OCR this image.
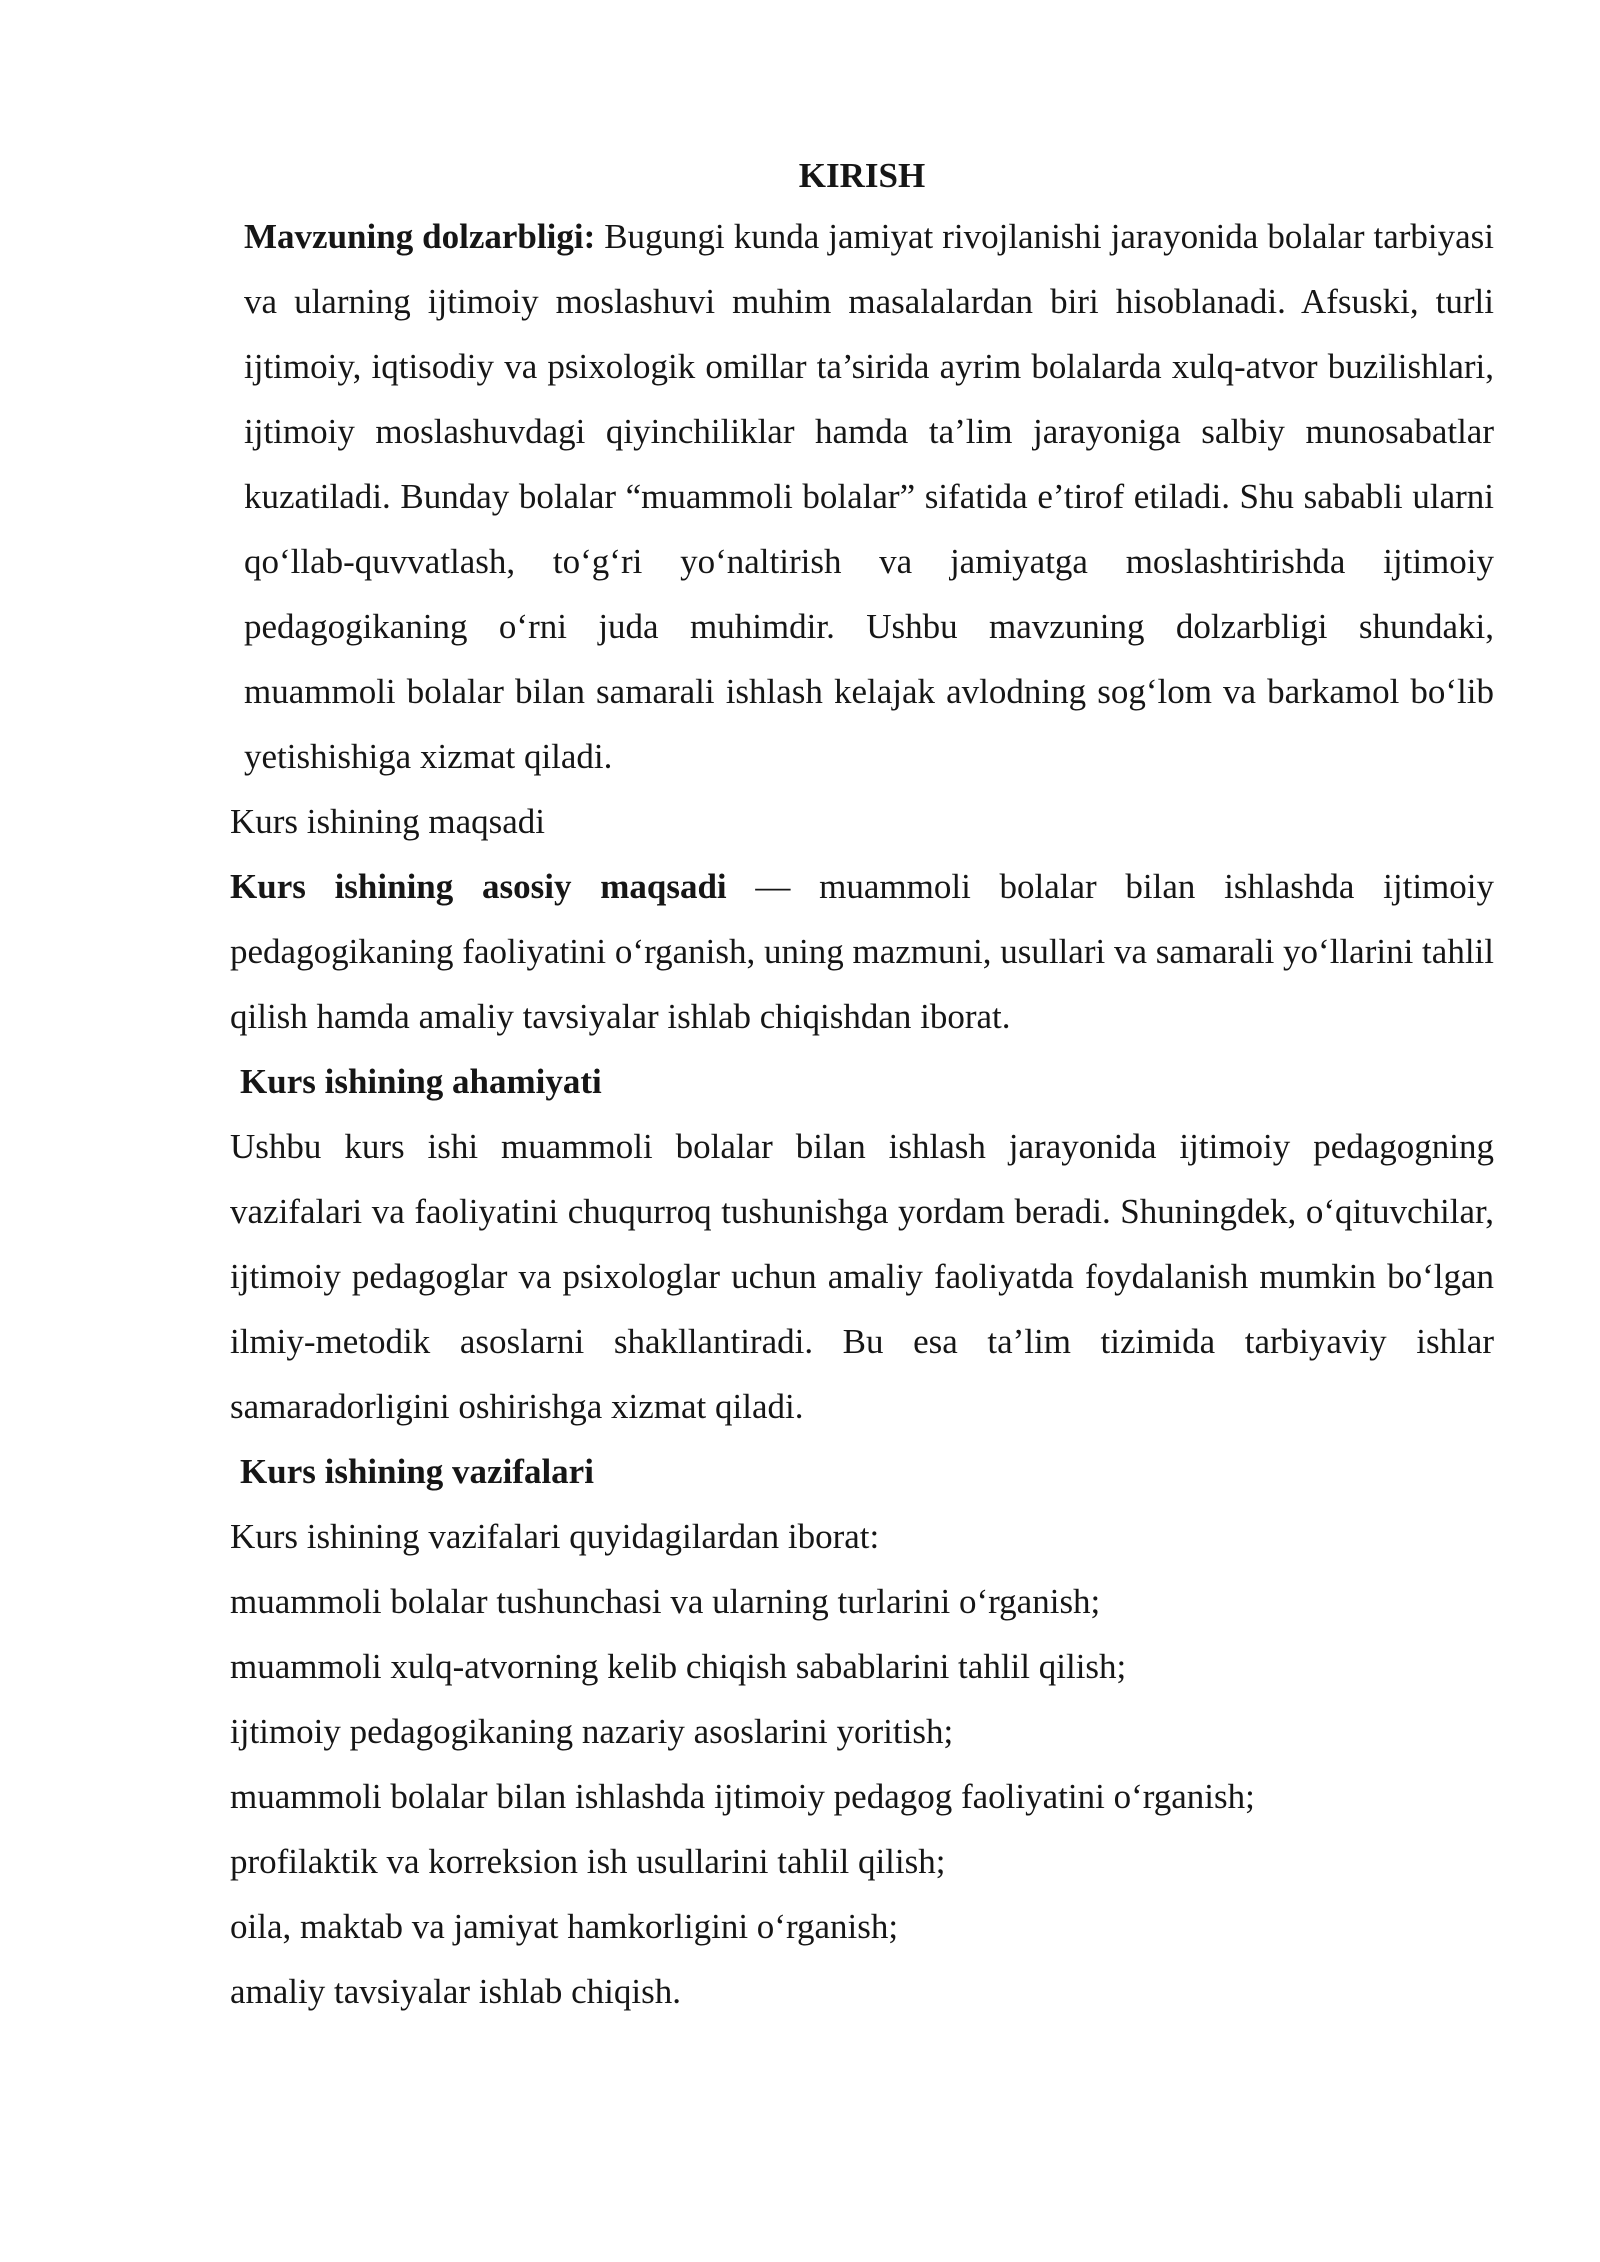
KIRISH

Mavzuning dolzarbligi: Bugungi kunda jamiyat rivojlanishi jarayonida bolalar tarbiyasi va ularning ijtimoiy moslashuvi muhim masalalardan biri hisoblanadi. Afsuski, turli ijtimoiy, iqtisodiy va psixologik omillar ta’sirida ayrim bolalarda xulq-atvor buzilishlari, ijtimoiy moslashuvdagi qiyinchiliklar hamda ta’lim jarayoniga salbiy munosabatlar kuzatiladi. Bunday bolalar “muammoli bolalar” sifatida e’tirof etiladi. Shu sababli ularni qo‘llab-quvvatlash, to‘g‘ri yo‘naltirish va jamiyatga moslashtirishda ijtimoiy pedagogikaning o‘rni juda muhimdir. Ushbu mavzuning dolzarbligi shundaki, muammoli bolalar bilan samarali ishlash kelajak avlodning sog‘lom va barkamol bo‘lib yetishishiga xizmat qiladi.

Kurs ishining maqsadi

Kurs ishining asosiy maqsadi — muammoli bolalar bilan ishlashda ijtimoiy pedagogikaning faoliyatini o‘rganish, uning mazmuni, usullari va samarali yo‘llarini tahlil qilish hamda amaliy tavsiyalar ishlab chiqishdan iborat.

Kurs ishining ahamiyati

Ushbu kurs ishi muammoli bolalar bilan ishlash jarayonida ijtimoiy pedagogning vazifalari va faoliyatini chuqurroq tushunishga yordam beradi. Shuningdek, o‘qituvchilar, ijtimoiy pedagoglar va psixologlar uchun amaliy faoliyatda foydalanish mumkin bo‘lgan ilmiy-metodik asoslarni shakllantiradi. Bu esa ta’lim tizimida tarbiyaviy ishlar samaradorligini oshirishga xizmat qiladi.

Kurs ishining vazifalari

Kurs ishining vazifalari quyidagilardan iborat:

muammoli bolalar tushunchasi va ularning turlarini o‘rganish;
muammoli xulq-atvorning kelib chiqish sabablarini tahlil qilish;
ijtimoiy pedagogikaning nazariy asoslarini yoritish;
muammoli bolalar bilan ishlashda ijtimoiy pedagog faoliyatini o‘rganish;
profilaktik va korreksion ish usullarini tahlil qilish;
oila, maktab va jamiyat hamkorligini o‘rganish;
amaliy tavsiyalar ishlab chiqish.
